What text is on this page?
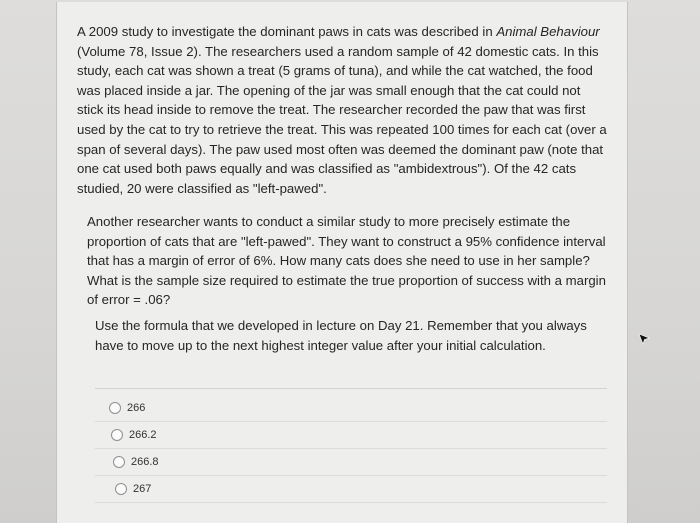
A 2009 study to investigate the dominant paws in cats was described in Animal Behaviour (Volume 78, Issue 2). The researchers used a random sample of 42 domestic cats. In this study, each cat was shown a treat (5 grams of tuna), and while the cat watched, the food was placed inside a jar. The opening of the jar was small enough that the cat could not stick its head inside to remove the treat. The researcher recorded the paw that was first used by the cat to try to retrieve the treat. This was repeated 100 times for each cat (over a span of several days). The paw used most often was deemed the dominant paw (note that one cat used both paws equally and was classified as "ambidextrous"). Of the 42 cats studied, 20 were classified as "left-pawed".

Another researcher wants to conduct a similar study to more precisely estimate the proportion of cats that are "left-pawed". They want to construct a 95% confidence interval that has a margin of error of 6%. How many cats does she need to use in her sample? What is the sample size required to estimate the true proportion of success with a margin of error = .06?

Use the formula that we developed in lecture on Day 21. Remember that you always have to move up to the next highest integer value after your initial calculation.

266
266.2
266.8
267
